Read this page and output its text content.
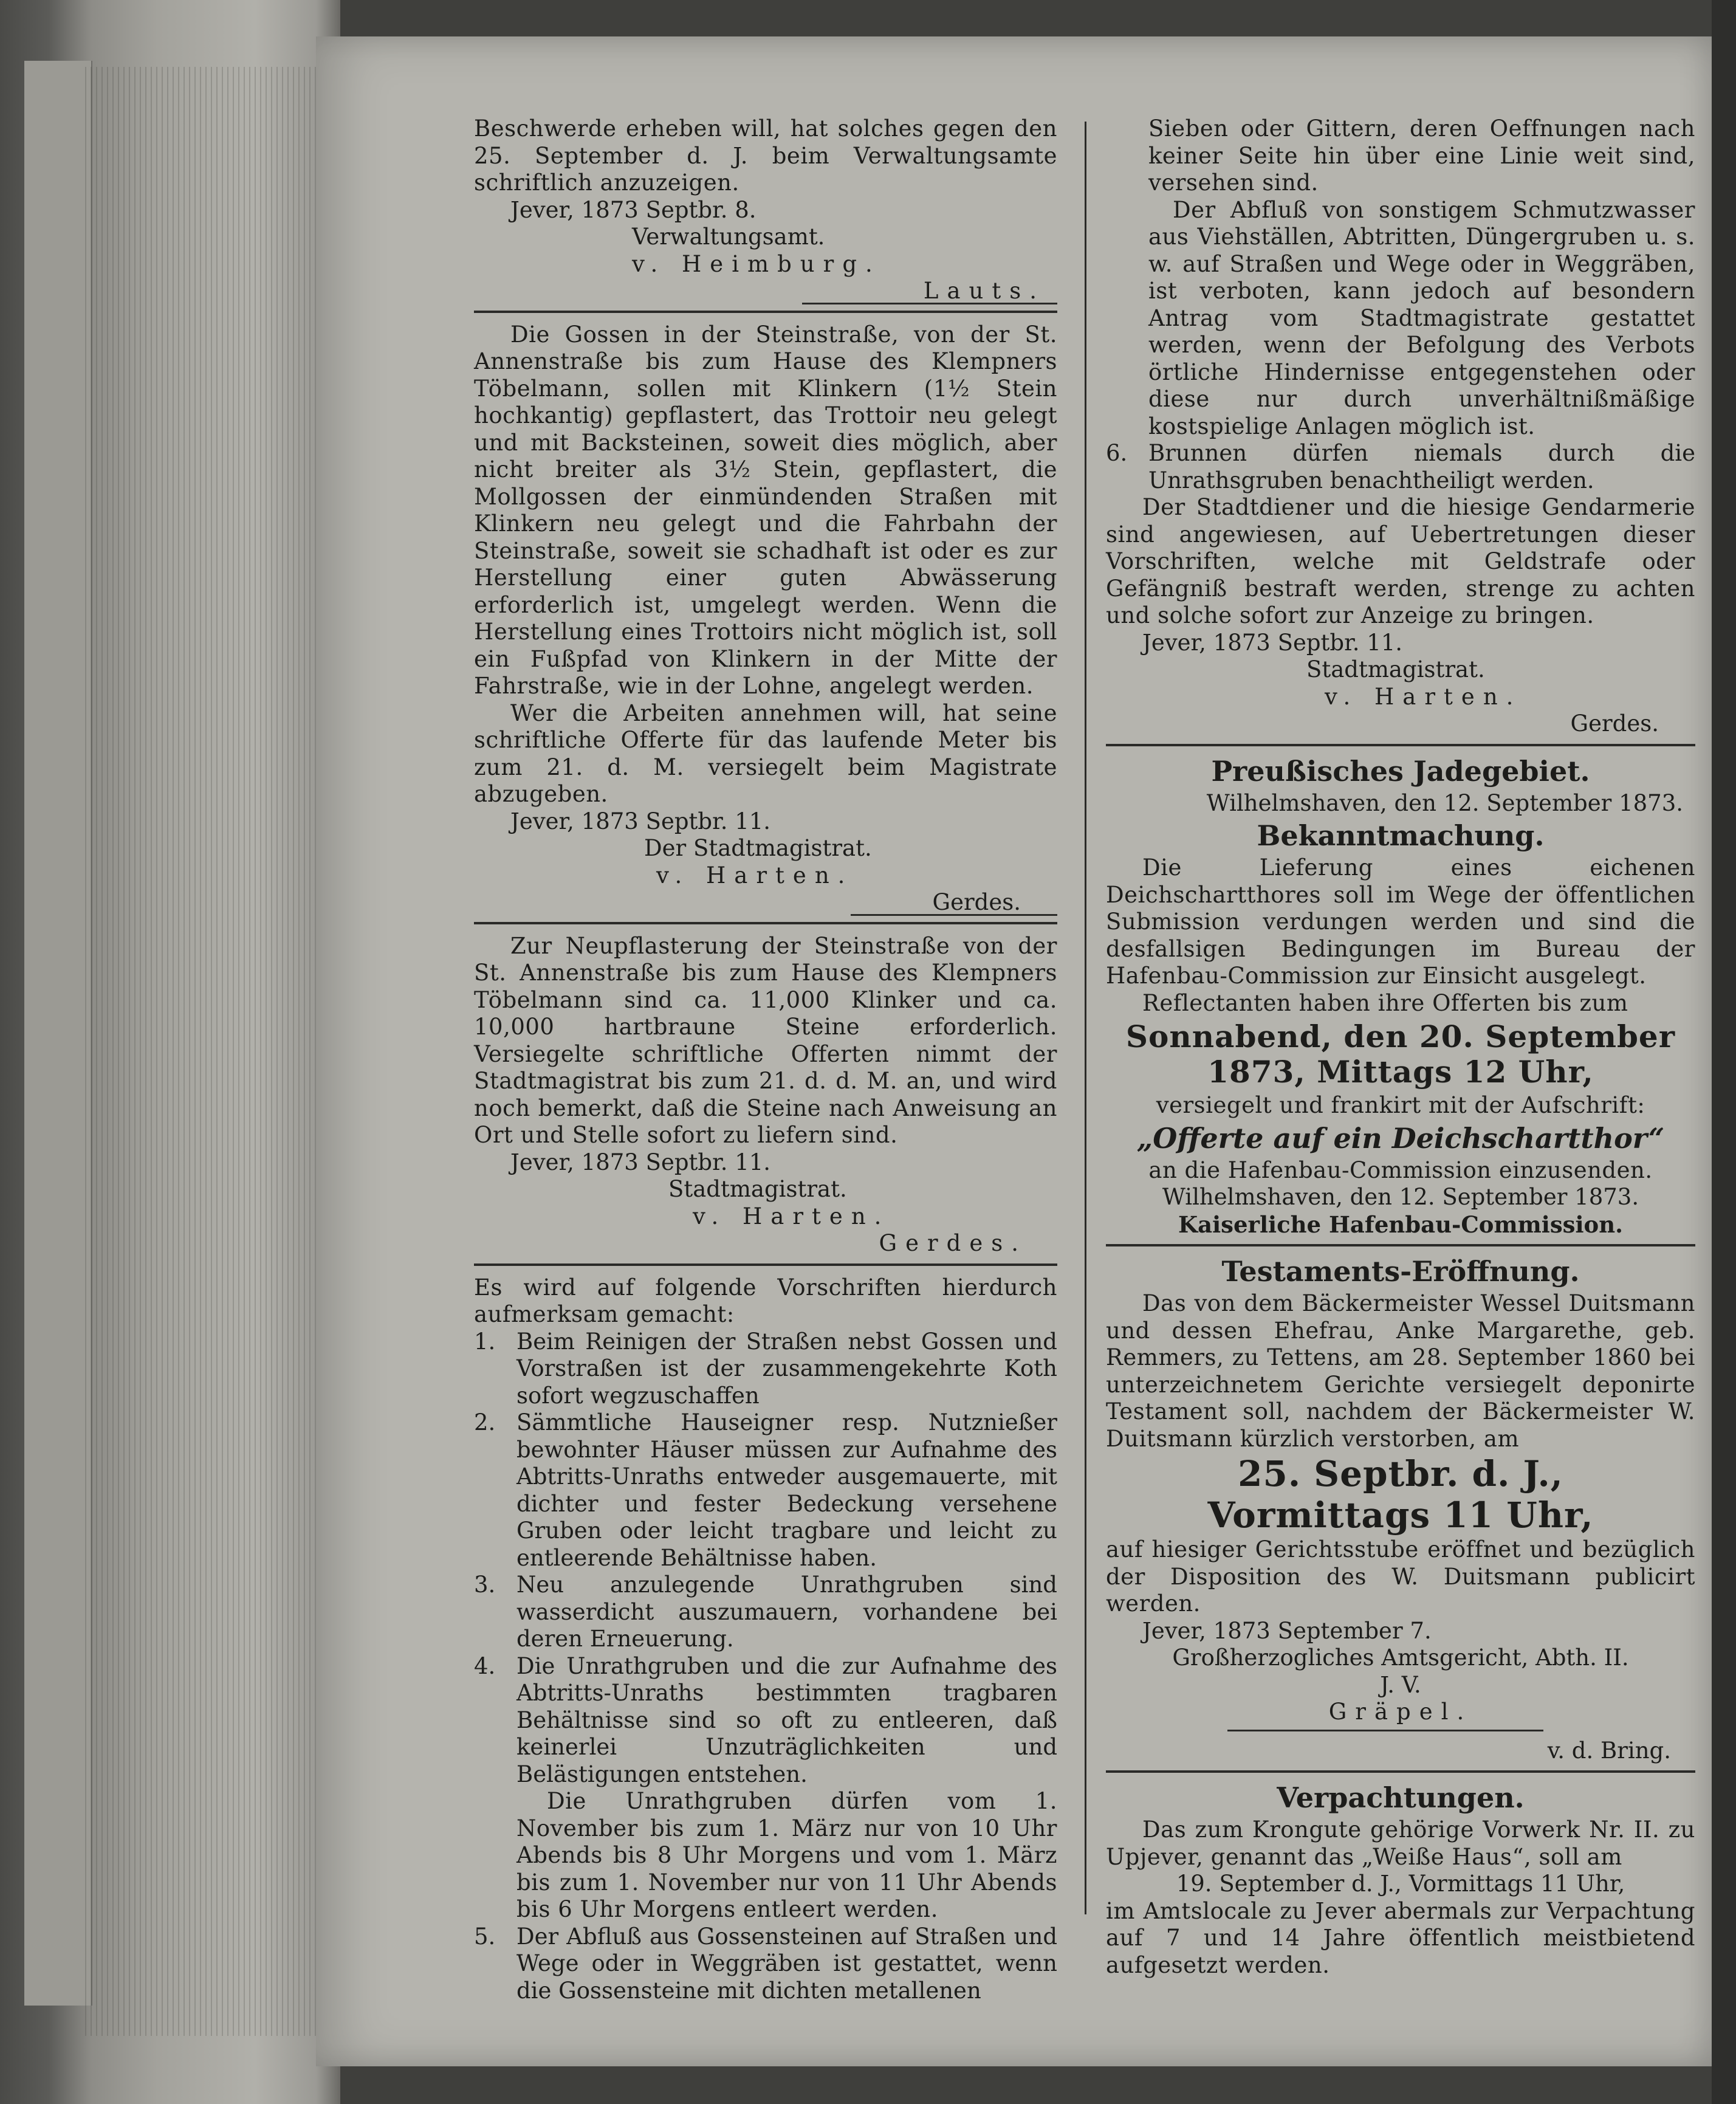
Beschwerde erheben will, hat solches gegen den 25. September d. J. beim Verwaltungsamte schriftlich anzuzeigen.

Jever, 1873 Septbr. 8.

Verwaltungsamt.

v. Heimburg.

Lauts.

Die Gossen in der Steinstraße, von der St. Annenstraße bis zum Hause des Klempners Töbelmann, sollen mit Klinkern (1½ Stein hochkantig) gepflastert, das Trottoir neu gelegt und mit Backsteinen, soweit dies möglich, aber nicht breiter als 3½ Stein, gepflastert, die Mollgossen der einmündenden Straßen mit Klinkern neu gelegt und die Fahrbahn der Steinstraße, soweit sie schadhaft ist oder es zur Herstellung einer guten Abwässerung erforderlich ist, umgelegt werden. Wenn die Herstellung eines Trottoirs nicht möglich ist, soll ein Fußpfad von Klinkern in der Mitte der Fahrstraße, wie in der Lohne, angelegt werden.

Wer die Arbeiten annehmen will, hat seine schriftliche Offerte für das laufende Meter bis zum 21. d. M. versiegelt beim Magistrate abzugeben.

Jever, 1873 Septbr. 11.

Der Stadtmagistrat.

v. Harten.

Gerdes.

Zur Neupflasterung der Steinstraße von der St. Annenstraße bis zum Hause des Klempners Töbelmann sind ca. 11,000 Klinker und ca. 10,000 hartbraune Steine erforderlich. Versiegelte schriftliche Offerten nimmt der Stadtmagistrat bis zum 21. d. d. M. an, und wird noch bemerkt, daß die Steine nach Anweisung an Ort und Stelle sofort zu liefern sind.

Jever, 1873 Septbr. 11.

Stadtmagistrat.

v. Harten.

Gerdes.

Es wird auf folgende Vorschriften hierdurch aufmerksam gemacht:

1. Beim Reinigen der Straßen nebst Gossen und Vorstraßen ist der zusammengekehrte Koth sofort wegzuschaffen
2. Sämmtliche Hauseigner resp. Nutznießer bewohnter Häuser müssen zur Aufnahme des Abtritts-Unraths entweder ausgemauerte, mit dichter und fester Bedeckung versehene Gruben oder leicht tragbare und leicht zu entleerende Behältnisse haben.
3. Neu anzulegende Unrathgruben sind wasserdicht auszumauern, vorhandene bei deren Erneuerung.
4. Die Unrathgruben und die zur Aufnahme des Abtritts-Unraths bestimmten tragbaren Behältnisse sind so oft zu entleeren, daß keinerlei Unzuträglichkeiten und Belästigungen entstehen.

Die Unrathgruben dürfen vom 1. November bis zum 1. März nur von 10 Uhr Abends bis 8 Uhr Morgens und vom 1. März bis zum 1. November nur von 11 Uhr Abends bis 6 Uhr Morgens entleert werden.

5. Der Abfluß aus Gossensteinen auf Straßen und Wege oder in Weggräben ist gestattet, wenn die Gossensteine mit dichten metallenen

Sieben oder Gittern, deren Oeffnungen nach keiner Seite hin über eine Linie weit sind, versehen sind.

Der Abfluß von sonstigem Schmutzwasser aus Viehställen, Abtritten, Düngergruben u. s. w. auf Straßen und Wege oder in Weggräben, ist verboten, kann jedoch auf besondern Antrag vom Stadtmagistrate gestattet werden, wenn der Befolgung des Verbots örtliche Hindernisse entgegenstehen oder diese nur durch unverhältnißmäßige kostspielige Anlagen möglich ist.

6. Brunnen dürfen niemals durch die Unrathsgruben benachtheiligt werden.

Der Stadtdiener und die hiesige Gendarmerie sind angewiesen, auf Uebertretungen dieser Vorschriften, welche mit Geldstrafe oder Gefängniß bestraft werden, strenge zu achten und solche sofort zur Anzeige zu bringen.

Jever, 1873 Septbr. 11.

Stadtmagistrat.

v. Harten.

Gerdes.

Preußisches Jadegebiet.

Wilhelmshaven, den 12. September 1873.

Bekanntmachung.

Die Lieferung eines eichenen Deichschartthores soll im Wege der öffentlichen Submission verdungen werden und sind die desfallsigen Bedingungen im Bureau der Hafenbau-Commission zur Einsicht ausgelegt.

Reflectanten haben ihre Offerten bis zum

Sonnabend, den 20. September 1873, Mittags 12 Uhr,

versiegelt und frankirt mit der Aufschrift:

„Offerte auf ein Deichschartthor“

an die Hafenbau-Commission einzusenden.

Wilhelmshaven, den 12. September 1873.

Kaiserliche Hafenbau-Commission.

Testaments-Eröffnung.

Das von dem Bäckermeister Wessel Duitsmann und dessen Ehefrau, Anke Margarethe, geb. Remmers, zu Tettens, am 28. September 1860 bei unterzeichnetem Gerichte versiegelt deponirte Testament soll, nachdem der Bäckermeister W. Duitsmann kürzlich verstorben, am

25. Septbr. d. J.,

Vormittags 11 Uhr,

auf hiesiger Gerichtsstube eröffnet und bezüglich der Disposition des W. Duitsmann publicirt werden.

Jever, 1873 September 7.

Großherzogliches Amtsgericht, Abth. II.

J. V.

Gräpel.

v. d. Bring.

Verpachtungen.

Das zum Krongute gehörige Vorwerk Nr. II. zu Upjever, genannt das „Weiße Haus“, soll am

19. September d. J., Vormittags 11 Uhr,

im Amtslocale zu Jever abermals zur Verpachtung auf 7 und 14 Jahre öffentlich meistbietend aufgesetzt werden.
